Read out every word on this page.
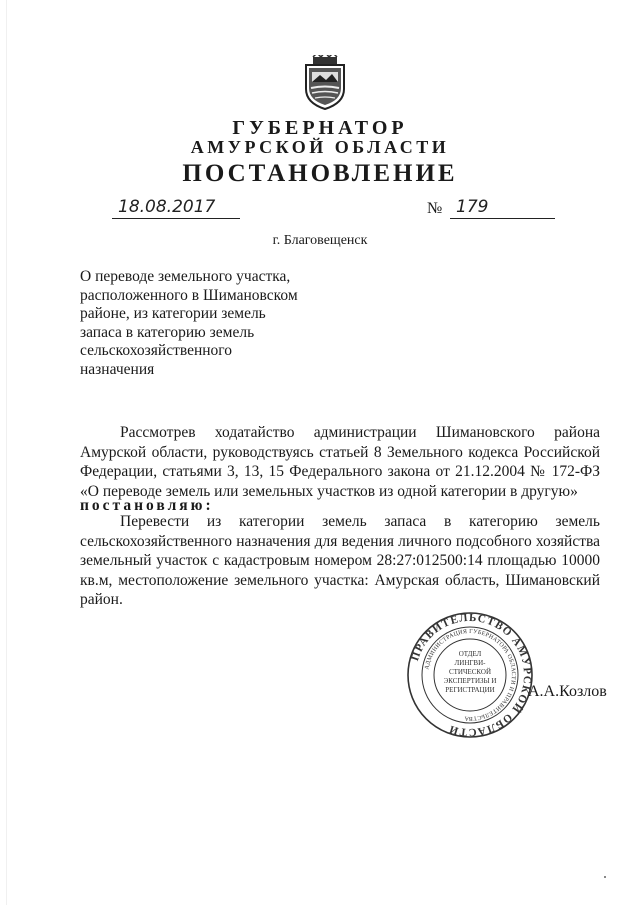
ГУБЕРНАТОР
АМУРСКОЙ ОБЛАСТИ
ПОСТАНОВЛЕНИЕ
18.08.2017	№ 179
г. Благовещенск
О переводе земельного участка, расположенного в Шимановском районе, из категории земель запаса в категорию земель сельскохозяйственного назначения
Рассмотрев ходатайство администрации Шимановского района Амурской области, руководствуясь статьей 8 Земельного кодекса Российской Федерации, статьями 3, 13, 15 Федерального закона от 21.12.2004 № 172-ФЗ «О переводе земель или земельных участков из одной категории в другую»
постановляю:
Перевести из категории земель запаса в категорию земель сельскохозяйственного назначения для ведения личного подсобного хозяйства земельный участок с кадастровым номером 28:27:012500:14 площадью 10000 кв.м, местоположение земельного участка: Амурская область, Шимановский район.
ПРАВИТЕЛЬСТВО АМУРСКОЙ ОБЛАСТИ
АДМИНИСТРАЦИЯ ГУБЕРНАТОРА ОБЛАСТИ И ПРАВИТЕЛЬСТВА
ОТДЕЛ
ЛИНГВИ-
СТИЧЕСКОЙ
ЭКСПЕРТИЗЫ И
РЕГИСТРАЦИИ А.А.Козлов
